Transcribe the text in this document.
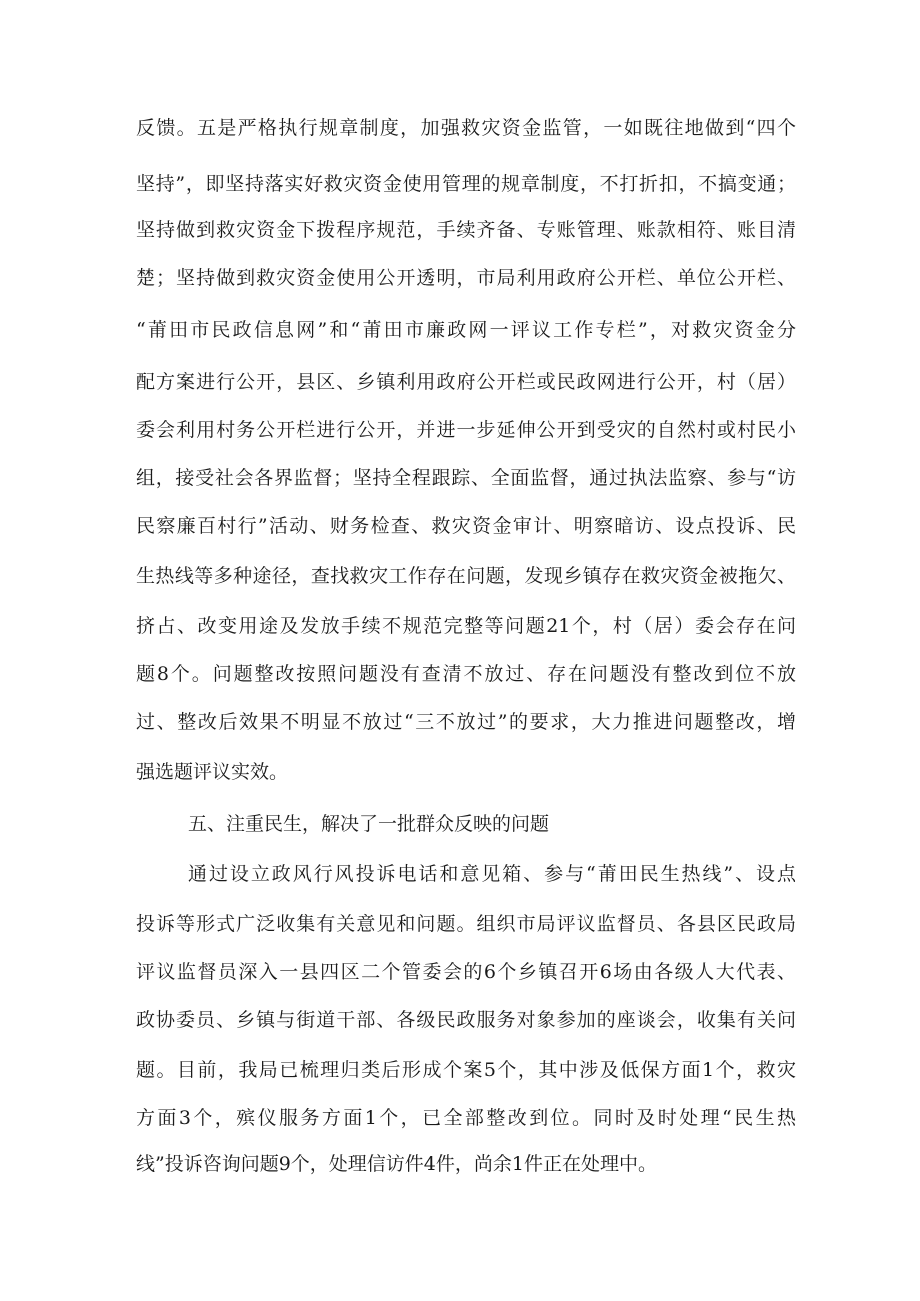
反馈。五是严格执行规章制度，加强救灾资金监管，一如既往地做到“四个
坚持”，即坚持落实好救灾资金使用管理的规章制度，不打折扣，不搞变通；
坚持做到救灾资金下拨程序规范，手续齐备、专账管理、账款相符、账目清
楚；坚持做到救灾资金使用公开透明，市局利用政府公开栏、单位公开栏、
“莆田市民政信息网”和“莆田市廉政网一评议工作专栏”，对救灾资金分
配方案进行公开，县区、乡镇利用政府公开栏或民政网进行公开，村（居）
委会利用村务公开栏进行公开，并进一步延伸公开到受灾的自然村或村民小
组，接受社会各界监督；坚持全程跟踪、全面监督，通过执法监察、参与“访
民察廉百村行”活动、财务检查、救灾资金审计、明察暗访、设点投诉、民
生热线等多种途径，查找救灾工作存在问题，发现乡镇存在救灾资金被拖欠、
挤占、改变用途及发放手续不规范完整等问题21个，村（居）委会存在问
题8个。问题整改按照问题没有查清不放过、存在问题没有整改到位不放
过、整改后效果不明显不放过“三不放过”的要求，大力推进问题整改，增
强选题评议实效。
五、注重民生，解决了一批群众反映的问题
通过设立政风行风投诉电话和意见箱、参与“莆田民生热线”、设点
投诉等形式广泛收集有关意见和问题。组织市局评议监督员、各县区民政局
评议监督员深入一县四区二个管委会的6个乡镇召开6场由各级人大代表、
政协委员、乡镇与街道干部、各级民政服务对象参加的座谈会，收集有关问
题。目前，我局已梳理归类后形成个案5个，其中涉及低保方面1个，救灾
方面3个，殡仪服务方面1个，已全部整改到位。同时及时处理“民生热
线”投诉咨询问题9个，处理信访件4件，尚余1件正在处理中。
